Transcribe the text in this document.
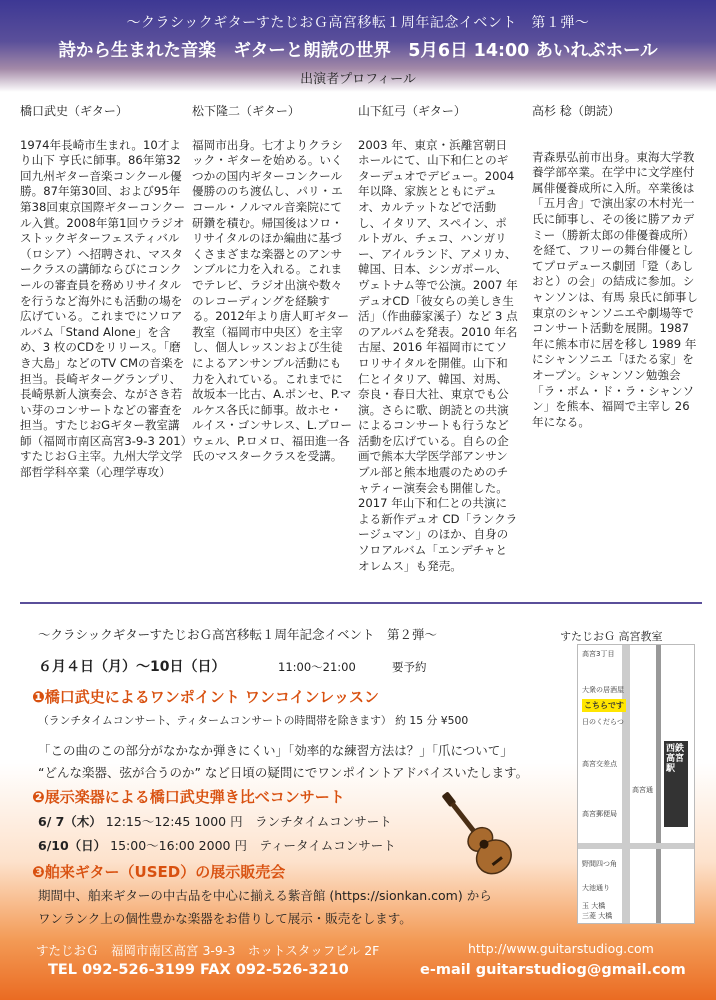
～クラシックギターすたじおＧ高宮移転１周年記念イベント　第１弾～
詩から生まれた音楽　ギターと朗読の世界　5月6日 14:00 あいれぶホール
出演者プロフィール
橋口武史（ギター）
1974年長崎市生まれ。10才より山下 亨氏に師事。86年第32回九州ギター音楽コンクール優勝。87年第30回、および95年第38回東京国際ギターコンクール入賞。2008年第1回ウラジオストックギターフェスティバル（ロシア）へ招聘され、マスタークラスの講師ならびにコンクールの審査員を務めリサイタルを行うなど海外にも活動の場を広げている。これまでにソロアルバム「Stand Alone」を含め、3 枚のCDをリリース。「磨き大島」などのTV CMの音楽を担当。長崎ギターグランプリ、長崎県新人演奏会、ながさき若い芽のコンサートなどの審査を担当。すたじおGギター教室講師（福岡市南区高宮3-9-3 201）すたじおＧ主宰。九州大学文学部哲学科卒業（心理学専攻）
松下隆二（ギター）
福岡市出身。七才よりクラシック・ギターを始める。いくつかの国内ギターコンクール優勝ののち渡仏し、パリ・エコール・ノルマル音楽院にて研鑽を積む。帰国後はソロ・リサイタルのほか編曲に基づくさまざまな楽器とのアンサンブルに力を入れる。これまでテレビ、ラジオ出演や数々のレコーディングを経験する。2012年より唐人町ギター教室（福岡市中央区）を主宰し、個人レッスンおよび生徒によるアンサンブル活動にも力を入れている。これまでに故坂本一比古、A.ポンセ、P.マルケス各氏に師事。故ホセ・ルイス・ゴンサレス、L.ブローウェル、P.ロメロ、福田進一各氏のマスタークラスを受講。
山下紅弓（ギター）
2003 年、東京・浜離宮朝日ホールにて、山下和仁とのギターデュオでデビュー。2004 年以降、家族とともにデュオ、カルテットなどで活動し、イタリア、スペイン、ポルトガル、チェコ、ハンガリー、アイルランド、アメリカ、韓国、日本、シンガポール、ヴェトナム等で公演。2007 年デュオCD「彼女らの美しき生活」（作曲藤家溪子）など 3 点のアルバムを発表。2010 年名古屋、2016 年福岡市にてソロリサイタルを開催。山下和仁とイタリア、韓国、対馬、奈良・春日大社、東京でも公演。さらに歌、朗読との共演によるコンサートも行うなど活動を広げている。自らの企画で熊本大学医学部アンサンブル部と熊本地震のためのチャティー演奏会も開催した。2017 年山下和仁との共演による新作デュオ CD「ランクラージュマン」のほか、自身のソロアルバム「エンデチャとオレムス」も発売。
高杉 稔（朗読）
青森県弘前市出身。東海大学教養学部卒業。在学中に文学座付属俳優養成所に入所。卒業後は「五月舎」で演出家の木村光一氏に師事し、その後に勝アカデミー（勝新太郎の俳優養成所）を経て、フリーの舞台俳優としてプロデュース劇団「跫（あしおと）の会」の結成に参加。シャンソンは、有馬 泉氏に師事し東京のシャンソニエや劇場等でコンサート活動を展開。1987 年に熊本市に居を移し 1989 年にシャンソニエ「ほたる家」をオープン。シャンソン勉強会「ラ・ボム・ド・ラ・シャンソン」を熊本、福岡で主宰し 26 年になる。
～クラシックギターすたじおＧ高宮移転１周年記念イベント　第２弾～
６月４日（月）～10日（日）	11:00～21:00	要予約
❶橋口武史によるワンポイント ワンコインレッスン
（ランチタイムコンサート、ティタームコンサートの時間帯を除きます） 約 15 分 ¥500
「この曲のこの部分がなかなか弾きにくい」「効率的な練習方法は？」「爪について」
“どんな楽器、弦が合うのか” など日頃の疑問にでワンポイントアドバイスいたします。
❷展示楽器による橋口武史弾き比べコンサート
6/ 7（木） 12:15～12:45 1000 円　ランチタイムコンサート
6/10（日） 15:00～16:00 2000 円　ティータイムコンサート
❸舶来ギター（USED）の展示販売会
期間中、舶来ギターの中古品を中心に揃える紫音館 (https://sionkan.com) から
ワンランク上の個性豊かな楽器をお借りして展示・販売をします。
すたじおＧ 高宮教室
高宮3丁目
大衆の居酒屋
日のくだらつ
こちらです
高宮交差点
高宮通
西鉄高宮駅
高宮郵便局
野間四つ角
大池通り
玉 大橋
三菱 大橋
すたじおＧ　福岡市南区高宮 3-9-3　ホットスタッフビル 2F	http://www.guitarstudiog.com
TEL 092-526-3199 FAX 092-526-3210	e-mail guitarstudiog@gmail.com
